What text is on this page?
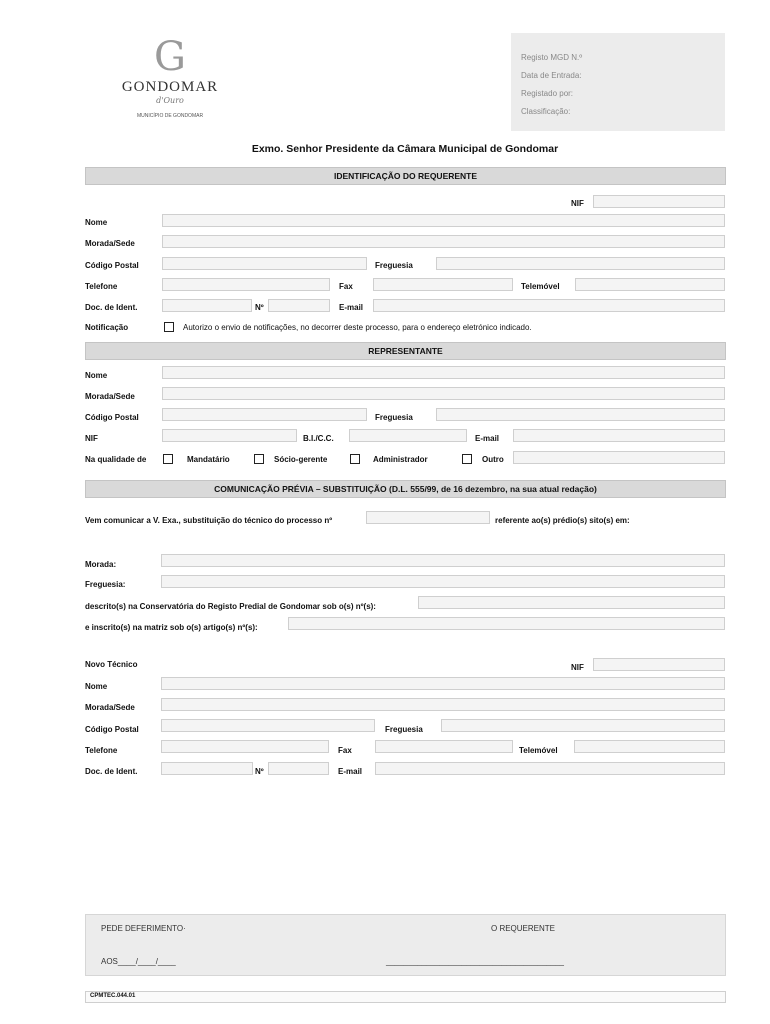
G
GONDOMAR
d'Ouro
MUNICÍPIO DE GONDOMAR
Registo MGD N.º
Data de Entrada:
Registado por:
Classificação:
Exmo. Senhor Presidente da Câmara Municipal de Gondomar
IDENTIFICAÇÃO DO REQUERENTE
NIF
Nome
Morada/Sede
Código Postal	Freguesia
Telefone	Fax	Telemóvel
Doc. de Ident.	Nº	E-mail
Notificação	Autorizo o envio de notificações, no decorrer deste processo, para o endereço eletrónico indicado.
REPRESENTANTE
Nome
Morada/Sede
Código Postal	Freguesia
NIF	B.I./C.C.	E-mail
Na qualidade de	Mandatário	Sócio-gerente	Administrador	Outro
COMUNICAÇÃO PRÉVIA – SUBSTITUIÇÃO (D.L. 555/99, de 16 dezembro, na sua atual redação)
Vem comunicar a V. Exa., substituição do técnico do processo nº	referente ao(s) prédio(s) sito(s) em:
Morada:
Freguesia:
descrito(s) na Conservatória do Registo Predial de Gondomar sob o(s) nº(s):
e inscrito(s) na matriz sob o(s) artigo(s) nº(s):
Novo Técnico	NIF
Nome
Morada/Sede
Código Postal	Freguesia
Telefone	Fax	Telemóvel
Doc. de Ident.	Nº	E-mail
PEDE DEFERIMENTO·
AOS____/____/____
O REQUERENTE
________________________________________
CPMTEC.044.01
